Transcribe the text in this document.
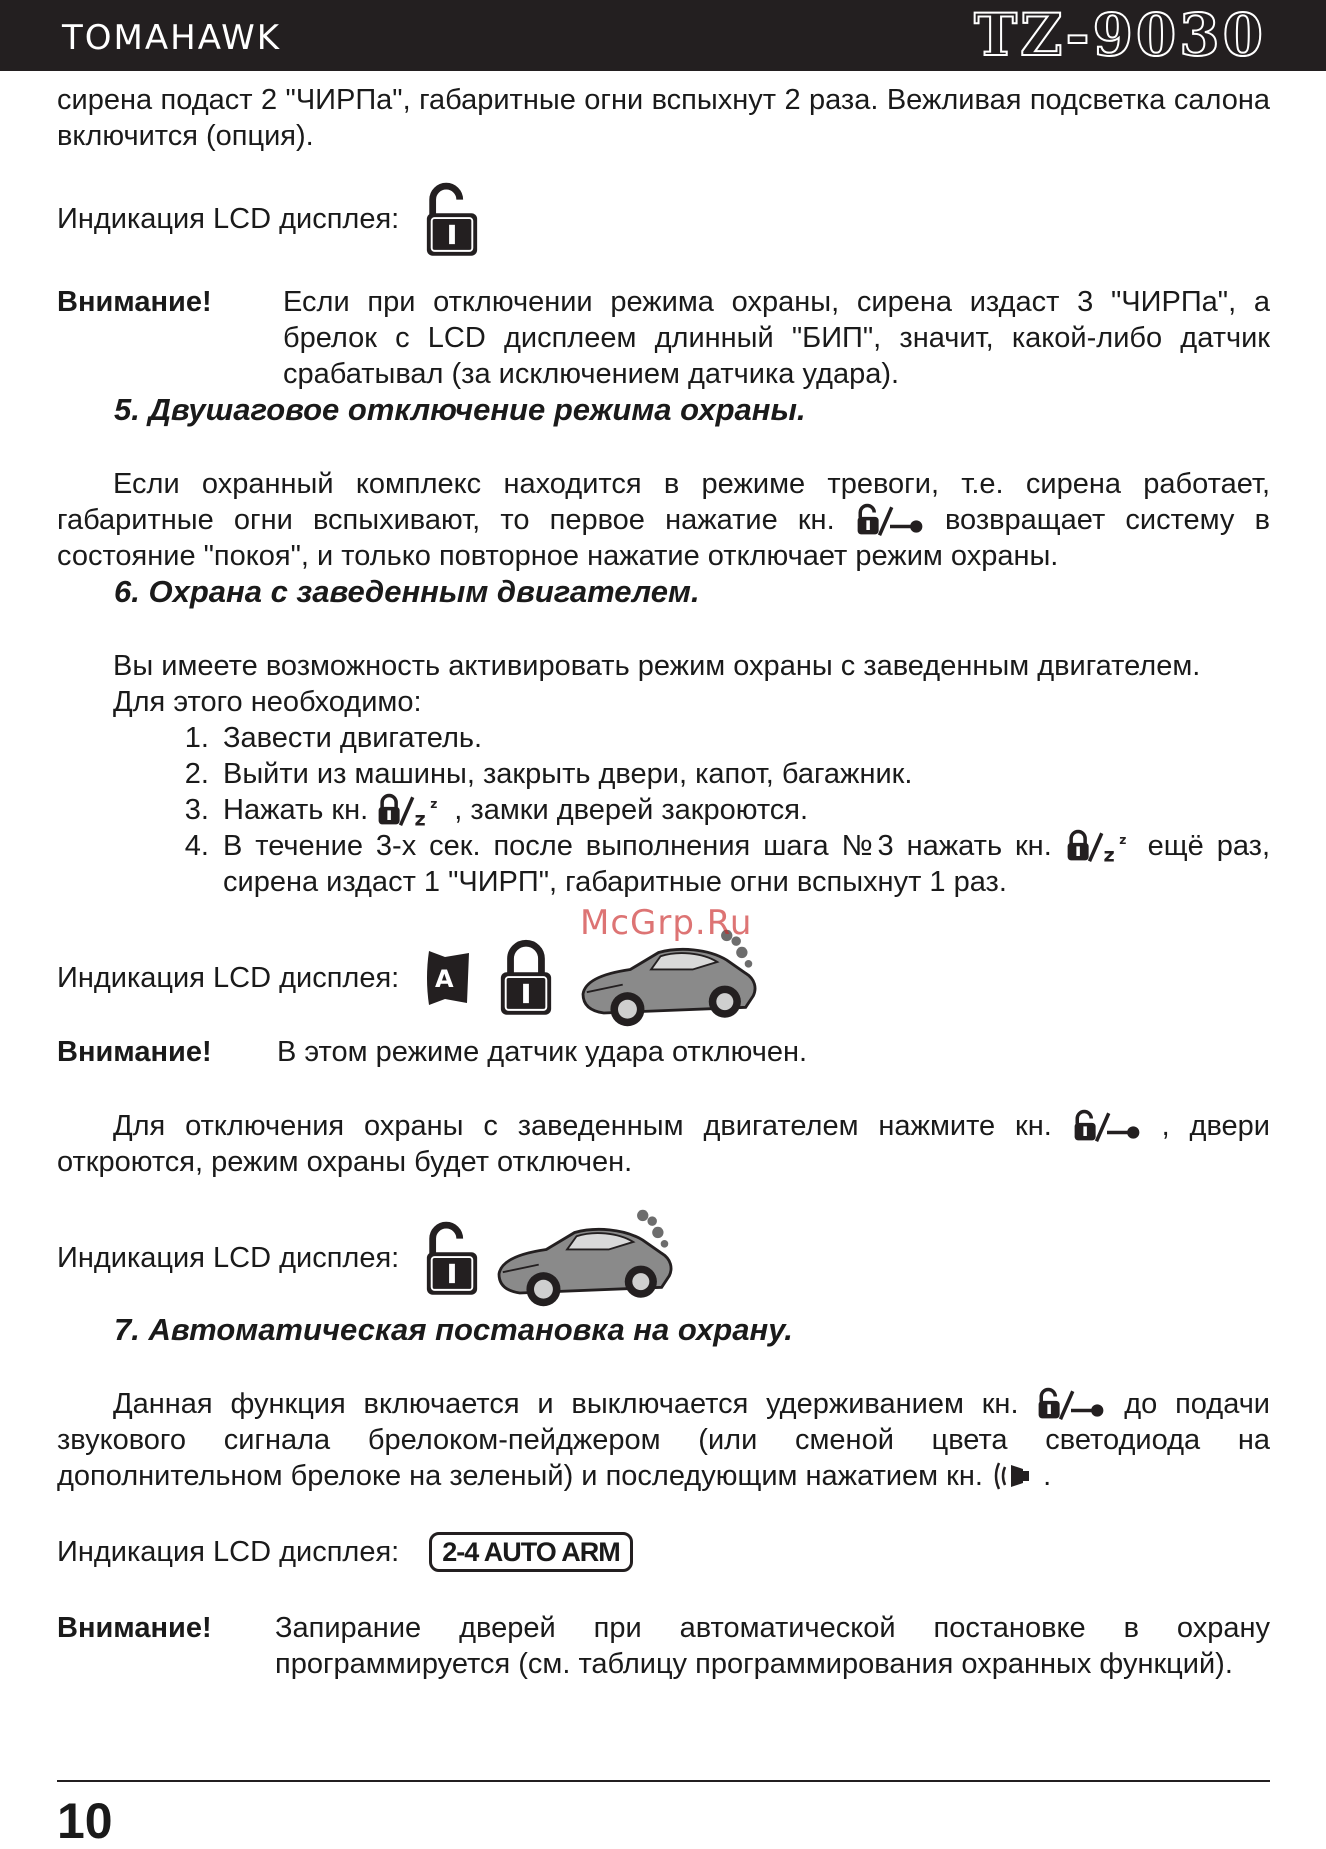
TOMAHAWK	TZ-9030

сирена подаст 2 "ЧИРПа", габаритные огни вспыхнут 2 раза. Вежливая подсветка салона включится (опция).

Индикация LCD дисплея:
Внимание!	Если при отключении режима охраны, сирена издаст 3 "ЧИРПа", а брелок с LCD дисплеем длинный "БИП", значит, какой-либо датчик срабатывал (за исключением датчика удара).
5. Двушаговое отключение режима охраны.

Если охранный комплекс находится в режиме тревоги, т.е. сирена работает, габаритные огни вспыхивают, то первое нажатие кн.	возвращает систему в состояние "покоя", и только повторное нажатие отключает режим охраны.

6. Охрана с заведенным двигателем.

Вы имеете возможность активировать режим охраны с заведенным двигателем.

Для этого необходимо:

1. Завести двигатель.
2. Выйти из машины, закрыть двери, капот, багажник.
3. Нажать кн.	, замки дверей закроются.
4. В течение 3-х сек. после выполнения шага №3 нажать кн.	ещё раз, сирена издаст 1 "ЧИРП", габаритные огни вспыхнут 1 раз.
Индикация LCD дисплея: A
Внимание!	В этом режиме датчик удара отключен.

Для отключения охраны с заведенным двигателем нажмите кн.	, двери откроются, режим охраны будет отключен.

Индикация LCD дисплея:
7. Автоматическая постановка на охрану.

Данная функция включается и выключается удерживанием кн.	до подачи звукового сигнала брелоком-пейджером (или сменой цвета светодиода на дополнительном брелоке на зеленый) и последующим нажатием кн. .

Индикация LCD дисплея:	2-4 AUTO ARM
Внимание!	Запирание дверей при автоматической постановке в охрану программируется (см. таблицу программирования охранных функций).
McGrp.Ru
10
